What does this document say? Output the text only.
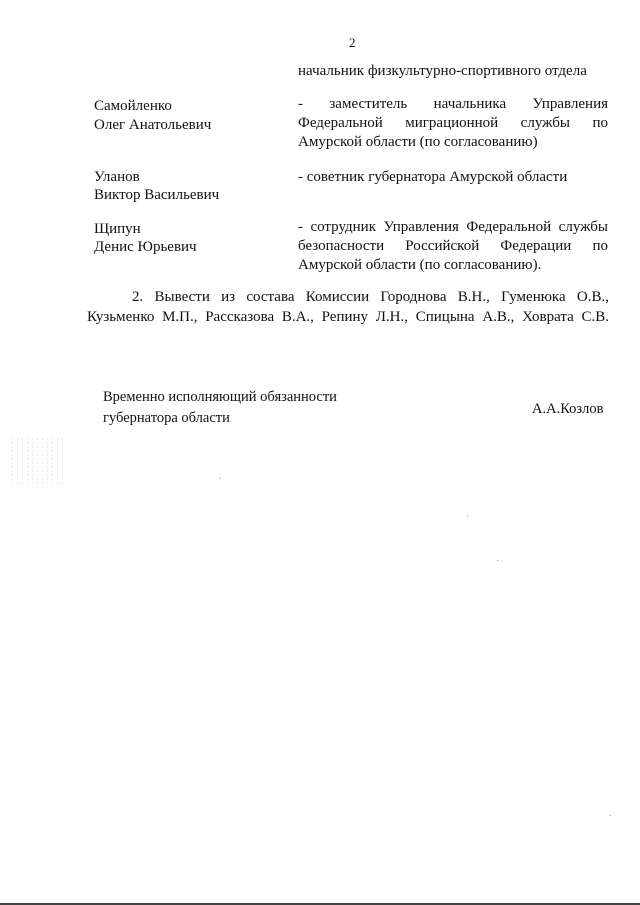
2
начальник физкультурно-спортивного отдела
Самойленко
Олег Анатольевич
- заместитель начальника Управления
Федеральной миграционной службы по
Амурской области (по согласованию)
Уланов
Виктор Васильевич
- советник губернатора Амурской области
Щипун
Денис Юрьевич
- сотрудник Управления Федеральной службы
безопасности Российской Федерации по
Амурской области (по согласованию).
2. Вывести из состава Комиссии Городнова В.Н., Гуменюка О.В.,
Кузьменко М.П., Рассказова В.А., Репину Л.Н., Спицына А.В., Ховрата С.В.
Временно исполняющий обязанности
губернатора области
А.А.Козлов
